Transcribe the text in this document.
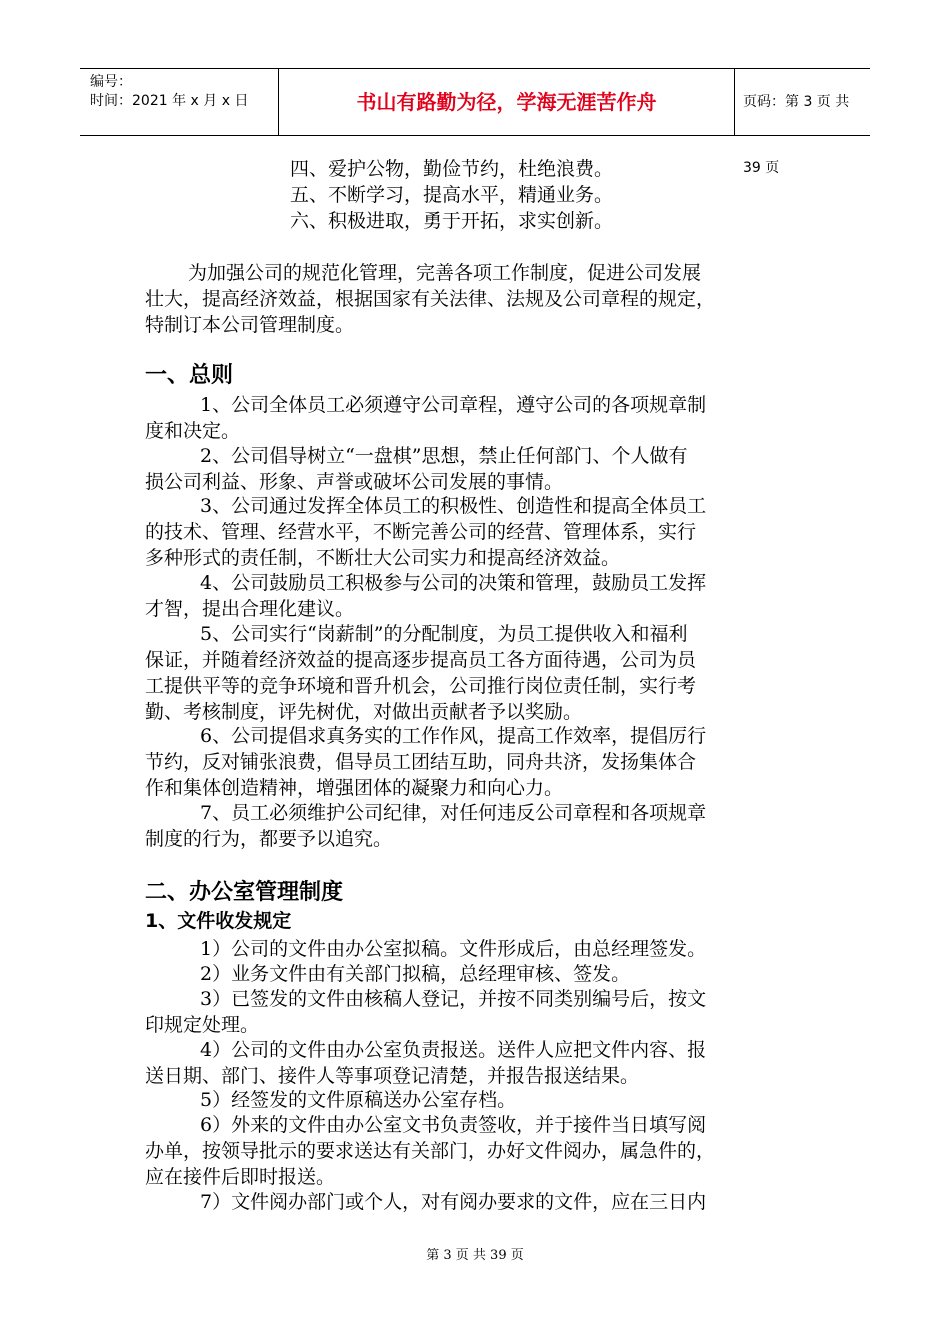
编号：
时间：2021 年 x 月 x 日	书山有路勤为径，学海无涯苦作舟	页码：第 3 页 共 39 页
四、爱护公物，勤俭节约，杜绝浪费。
五、不断学习，提高水平，精通业务。
六、积极进取，勇于开拓，求实创新。
为加强公司的规范化管理，完善各项工作制度，促进公司发展
壮大，提高经济效益，根据国家有关法律、法规及公司章程的规定，
特制订本公司管理制度。
一、总则
1、公司全体员工必须遵守公司章程，遵守公司的各项规章制
度和决定。
2、公司倡导树立“一盘棋”思想，禁止任何部门、个人做有
损公司利益、形象、声誉或破坏公司发展的事情。
3、公司通过发挥全体员工的积极性、创造性和提高全体员工
的技术、管理、经营水平，不断完善公司的经营、管理体系，实行
多种形式的责任制，不断壮大公司实力和提高经济效益。
4、公司鼓励员工积极参与公司的决策和管理，鼓励员工发挥
才智，提出合理化建议。
5、公司实行“岗薪制”的分配制度，为员工提供收入和福利
保证，并随着经济效益的提高逐步提高员工各方面待遇，公司为员
工提供平等的竞争环境和晋升机会，公司推行岗位责任制，实行考
勤、考核制度，评先树优，对做出贡献者予以奖励。
6、公司提倡求真务实的工作作风，提高工作效率，提倡厉行
节约，反对铺张浪费，倡导员工团结互助，同舟共济，发扬集体合
作和集体创造精神，增强团体的凝聚力和向心力。
7、员工必须维护公司纪律，对任何违反公司章程和各项规章
制度的行为，都要予以追究。
二、办公室管理制度
1、文件收发规定
1）公司的文件由办公室拟稿。文件形成后，由总经理签发。
2）业务文件由有关部门拟稿，总经理审核、签发。
3）已签发的文件由核稿人登记，并按不同类别编号后，按文
印规定处理。
4）公司的文件由办公室负责报送。送件人应把文件内容、报
送日期、部门、接件人等事项登记清楚，并报告报送结果。
5）经签发的文件原稿送办公室存档。
6）外来的文件由办公室文书负责签收，并于接件当日填写阅
办单，按领导批示的要求送达有关部门，办好文件阅办，属急件的，
应在接件后即时报送。
7）文件阅办部门或个人，对有阅办要求的文件，应在三日内
第 3 页 共 39 页
